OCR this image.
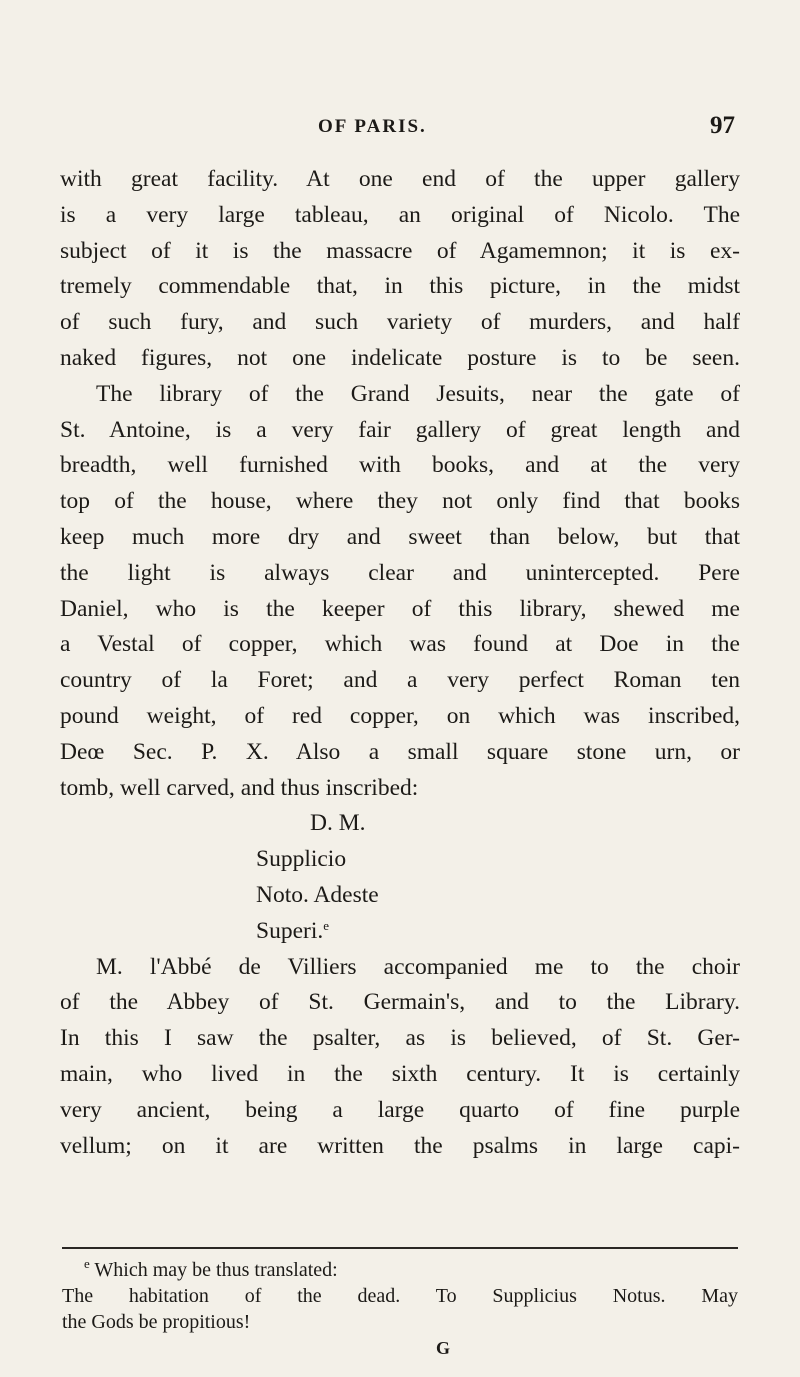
OF PARIS.	97
with great facility. At one end of the upper gallery
is a very large tableau, an original of Nicolo. The
subject of it is the massacre of Agamemnon; it is ex-
tremely commendable that, in this picture, in the midst
of such fury, and such variety of murders, and half
naked figures, not one indelicate posture is to be seen.
The library of the Grand Jesuits, near the gate of
St. Antoine, is a very fair gallery of great length and
breadth, well furnished with books, and at the very
top of the house, where they not only find that books
keep much more dry and sweet than below, but that
the light is always clear and unintercepted. Pere
Daniel, who is the keeper of this library, shewed me
a Vestal of copper, which was found at Doe in the
country of la Foret; and a very perfect Roman ten
pound weight, of red copper, on which was inscribed,
Deœ Sec. P. X. Also a small square stone urn, or
tomb, well carved, and thus inscribed:
D. M.
Supplicio
Noto. Adeste
Superi.$^e$
M. l'Abbé de Villiers accompanied me to the choir
of the Abbey of St. Germain's, and to the Library.
In this I saw the psalter, as is believed, of St. Ger-
main, who lived in the sixth century. It is certainly
very ancient, being a large quarto of fine purple
vellum; on it are written the psalms in large capi-
$^e$ Which may be thus translated:
The habitation of the dead. To Supplicius Notus. May
the Gods be propitious!
G
